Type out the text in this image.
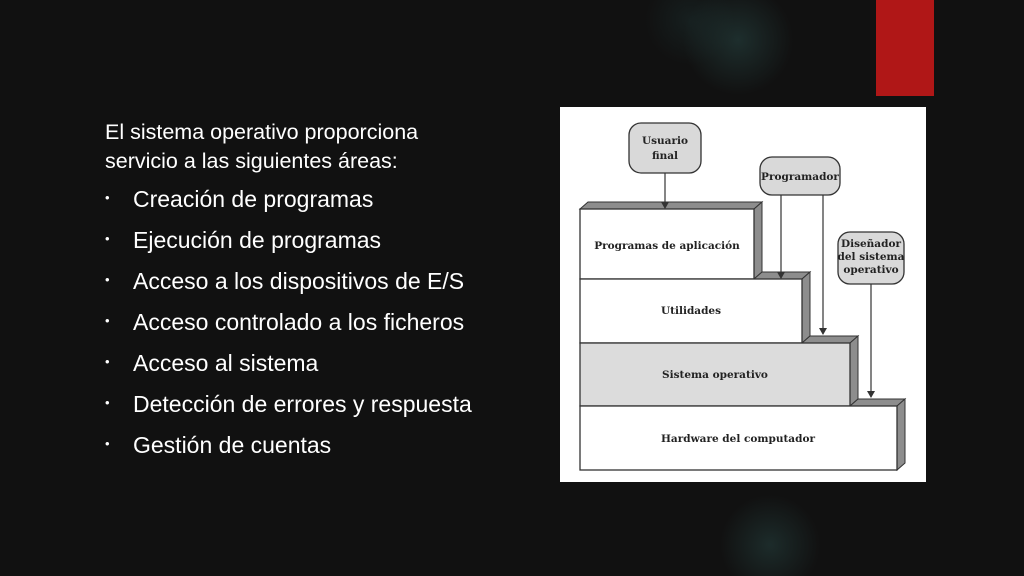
El sistema operativo proporciona
servicio a las siguientes áreas:

• Creación de programas
• Ejecución de programas
• Acceso a los dispositivos de E/S
• Acceso controlado a los ficheros
• Acceso al sistema
• Detección de errores y respuesta
• Gestión de cuentas
Programas de aplicación
Utilidades
Sistema operativo
Hardware del computador
Usuario
final
Programador
Diseñador
del sistema
operativo
